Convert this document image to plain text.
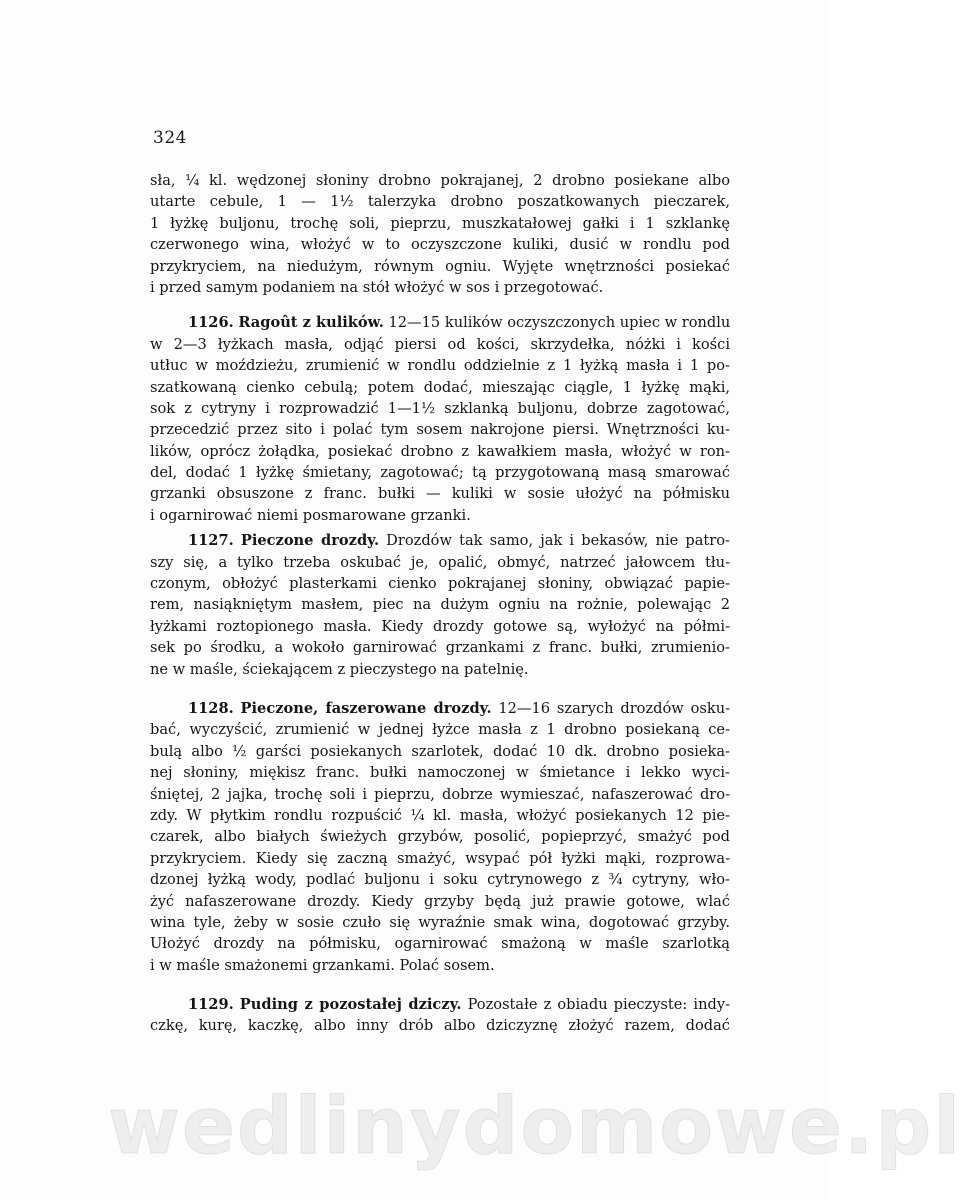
324
sła, ¼ kl. wędzonej słoniny drobno pokrajanej, 2 drobno posiekane albo
utarte cebule, 1 — 1½ talerzyka drobno poszatkowanych pieczarek,
1 łyżkę buljonu, trochę soli, pieprzu, muszkatałowej gałki i 1 szklankę
czerwonego wina, włożyć w to oczyszczone kuliki, dusić w rondlu pod
przykryciem, na niedużym, równym ogniu. Wyjęte wnętrzności posiekać
i przed samym podaniem na stół włożyć w sos i przegotować.
1126. Ragoût z kulików. 12—15 kulików oczyszczonych upiec w rondlu
w 2—3 łyżkach masła, odjąć piersi od kości, skrzydełka, nóżki i kości
utłuc w moździeżu, zrumienić w rondlu oddzielnie z 1 łyżką masła i 1 po-
szatkowaną cienko cebulą; potem dodać, mieszając ciągle, 1 łyżkę mąki,
sok z cytryny i rozprowadzić 1—1½ szklanką buljonu, dobrze zagotować,
przecedzić przez sito i polać tym sosem nakrojone piersi. Wnętrzności ku-
lików, oprócz żołądka, posiekać drobno z kawałkiem masła, włożyć w ron-
del, dodać 1 łyżkę śmietany, zagotować; tą przygotowaną masą smarować
grzanki obsuszone z franc. bułki — kuliki w sosie ułożyć na półmisku
i ogarnirować niemi posmarowane grzanki.
1127. Pieczone drozdy. Drozdów tak samo, jak i bekasów, nie patro-
szy się, a tylko trzeba oskubać je, opalić, obmyć, natrzeć jałowcem tłu-
czonym, obłożyć plasterkami cienko pokrajanej słoniny, obwiązać papie-
rem, nasiąkniętym masłem, piec na dużym ogniu na rożnie, polewając 2
łyżkami roztopionego masła. Kiedy drozdy gotowe są, wyłożyć na półmi-
sek po środku, a wokoło garnirować grzankami z franc. bułki, zrumienio-
ne w maśle, ściekającem z pieczystego na patelnię.
1128. Pieczone, faszerowane drozdy. 12—16 szarych drozdów osku-
bać, wyczyścić, zrumienić w jednej łyżce masła z 1 drobno posiekaną ce-
bulą albo ½ garści posiekanych szarlotek, dodać 10 dk. drobno posieka-
nej słoniny, miękisz franc. bułki namoczonej w śmietance i lekko wyci-
śniętej, 2 jajka, trochę soli i pieprzu, dobrze wymieszać, nafaszerować dro-
zdy. W płytkim rondlu rozpuścić ¼ kl. masła, włożyć posiekanych 12 pie-
czarek, albo białych świeżych grzybów, posolić, popieprzyć, smażyć pod
przykryciem. Kiedy się zaczną smażyć, wsypać pół łyżki mąki, rozprowa-
dzonej łyżką wody, podlać buljonu i soku cytrynowego z ¾ cytryny, wło-
żyć nafaszerowane drozdy. Kiedy grzyby będą już prawie gotowe, wlać
wina tyle, żeby w sosie czuło się wyraźnie smak wina, dogotować grzyby.
Ułożyć drozdy na półmisku, ogarnirować smażoną w maśle szarlotką
i w maśle smażonemi grzankami. Polać sosem.
1129. Puding z pozostałej dziczy. Pozostałe z obiadu pieczyste: indy-
czkę, kurę, kaczkę, albo inny drób albo dziczyznę złożyć razem, dodać
wedlinydomowe.pl
